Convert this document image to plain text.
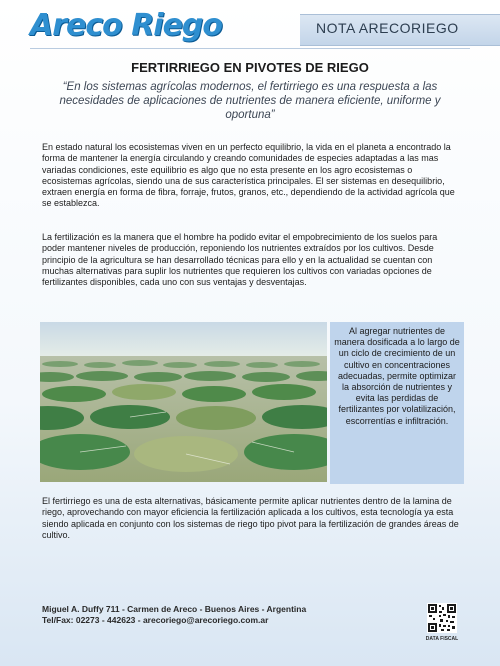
Areco Riego	NOTA ARECORIEGO
FERTIRRIEGO EN PIVOTES DE RIEGO
“En los sistemas agrícolas modernos, el fertirriego es una respuesta a las necesidades de aplicaciones de nutrientes de manera eficiente, uniforme y oportuna”
En estado natural los ecosistemas viven en un perfecto equilibrio, la vida en el planeta a encontrado la forma de mantener la energía circulando y creando comunidades de especies adaptadas a las mas variadas condiciones, este equilibrio es algo que no esta presente en los agro ecosistemas o ecosistemas agrícolas, siendo una de sus característica principales. El ser sistemas en desequilibrio, extraen energía en forma de fibra, forraje, frutos, granos, etc., dependiendo de la actividad agrícola que se establezca.
La fertilización es la manera que el hombre ha podido evitar el empobrecimiento de los suelos para poder mantener niveles de producción, reponiendo los nutrientes extraídos por los cultivos. Desde principio de la agricultura se han desarrollado técnicas para ello y en la actualidad se cuentan con muchas alternativas para suplir los nutrientes que requieren los cultivos con variadas opciones de fertilizantes disponibles, cada uno con sus ventajas y desventajas.
Al agregar nutrientes de manera dosificada a lo largo de un ciclo de crecimiento de un cultivo en concentraciones adecuadas, permite optimizar la absorción de nutrientes y evita las perdidas de fertilizantes por volatilización, escorrentías e infiltración.
El fertirriego es una de esta alternativas, básicamente permite aplicar nutrientes dentro de la lamina de riego, aprovechando con mayor eficiencia la fertilización aplicada a los cultivos, esta tecnología ya esta siendo aplicada en conjunto con los sistemas de riego tipo pivot para la fertilización de grandes áreas de cultivo.
Miguel A. Duffy 711 - Carmen de Areco - Buenos Aires - Argentina
Tel/Fax: 02273 - 442623 - arecoriego@arecoriego.com.ar
DATA FISCAL
